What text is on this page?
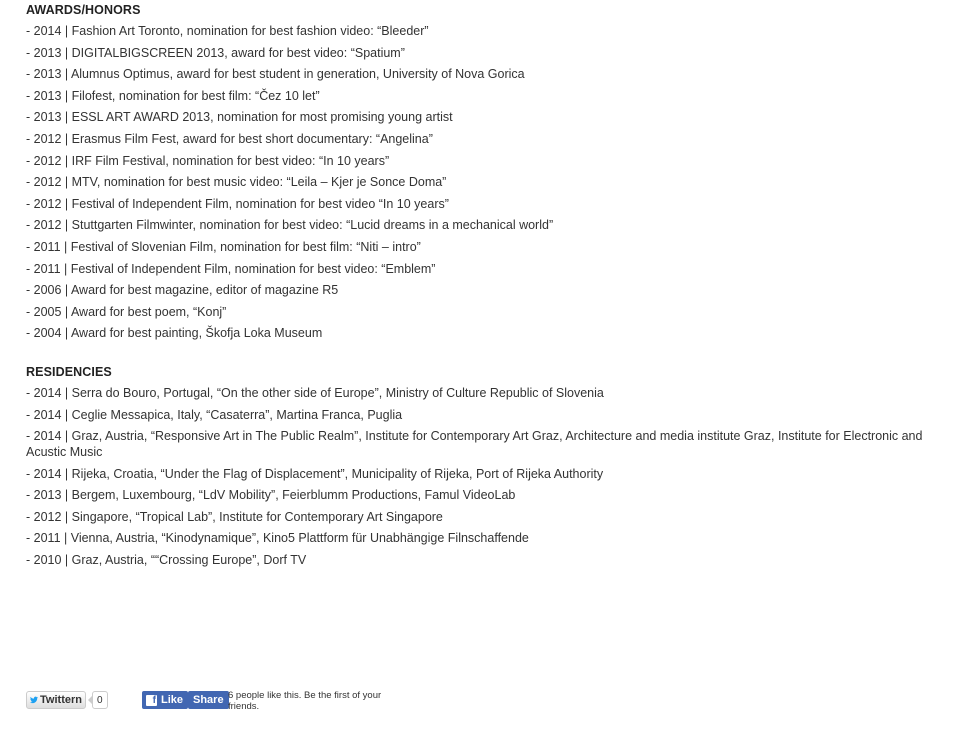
AWARDS/HONORS
- 2014 | Fashion Art Toronto, nomination for best fashion video: “Bleeder”
- 2013 | DIGITALBIGSCREEN 2013, award for best video: “Spatium”
- 2013 | Alumnus Optimus, award for best student in generation, University of Nova Gorica
- 2013 | Filofest, nomination for best film: “Čez 10 let”
- 2013 | ESSL ART AWARD 2013, nomination for most promising young artist
- 2012 | Erasmus Film Fest, award for best short documentary: “Angelina”
- 2012 | IRF Film Festival, nomination for best video: “In 10 years”
- 2012 | MTV, nomination for best music video: “Leila – Kjer je Sonce Doma”
- 2012 | Festival of Independent Film, nomination for best video “In 10 years”
- 2012 | Stuttgarten Filmwinter, nomination for best video: “Lucid dreams in a mechanical world”
- 2011 | Festival of Slovenian Film, nomination for best film: “Niti – intro”
- 2011 | Festival of Independent Film, nomination for best video: “Emblem”
- 2006 | Award for best magazine, editor of magazine R5
- 2005 | Award for best poem, “Konj”
- 2004 | Award for best painting, Škofja Loka Museum
RESIDENCIES
- 2014 | Serra do Bouro, Portugal, “On the other side of Europe”, Ministry of Culture Republic of Slovenia
- 2014 | Ceglie Messapica, Italy, “Casaterra”, Martina Franca, Puglia
- 2014 | Graz, Austria, “Responsive Art in The Public Realm”, Institute for Contemporary Art Graz, Architecture and media institute Graz, Institute for Electronic and Acustic Music
- 2014 | Rijeka, Croatia, “Under the Flag of Displacement”, Municipality of Rijeka, Port of Rijeka Authority
- 2013 | Bergem, Luxembourg, “LdV Mobility”, Feierblumm Productions, Famul VideoLab
- 2012 | Singapore, “Tropical Lab”, Institute for Contemporary Art Singapore
- 2011 | Vienna, Austria, “Kinodynamique”, Kino5 Plattform für Unabhängige Filnschaffende
- 2010 | Graz, Austria, ““Crossing Europe”, Dorf TV
Twittern	0	f Like Share 6 people like this. Be the first of your friends.
